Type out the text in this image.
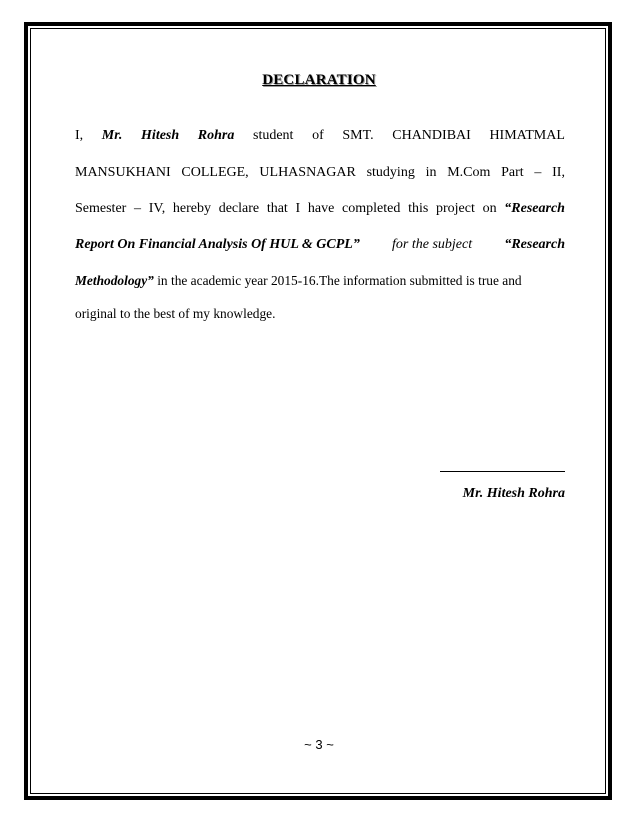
DECLARATION
I, Mr. Hitesh Rohra student of SMT. CHANDIBAI HIMATMAL
MANSUKHANI COLLEGE, ULHASNAGAR studying in M.Com Part – II,
Semester – IV, hereby declare that I have completed this project on “Research
Report On Financial Analysis Of HUL & GCPL” for the subject “Research
Methodology” in the academic year 2015-16.The information submitted is true and
original to the best of my knowledge.
Mr. Hitesh Rohra
~ 3 ~
